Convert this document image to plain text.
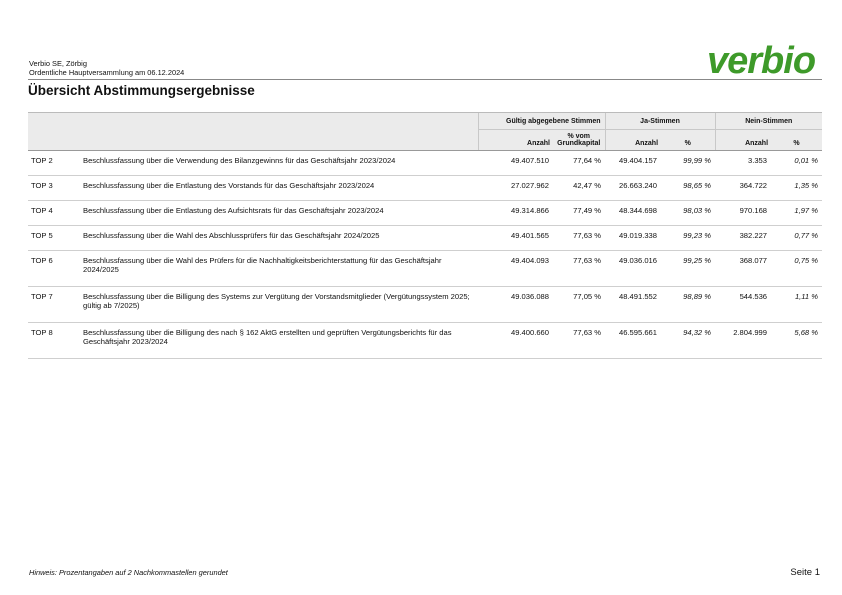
Verbio SE, Zörbig
Ordentliche Hauptversammlung am 06.12.2024	verbio
Übersicht Abstimmungsergebnisse
		Gültig abgegebene Stimmen		Ja-Stimmen		Nein-Stimmen	
		Anzahl	% vom
Grundkapital	Anzahl	%	Anzahl	%
TOP 2	Beschlussfassung über die Verwendung des Bilanzgewinns für das Geschäftsjahr 2023/2024	49.407.510	77,64 %	49.404.157	99,99 %	3.353	0,01 %
TOP 3	Beschlussfassung über die Entlastung des Vorstands für das Geschäftsjahr 2023/2024	27.027.962	42,47 %	26.663.240	98,65 %	364.722	1,35 %
TOP 4	Beschlussfassung über die Entlastung des Aufsichtsrats für das Geschäftsjahr 2023/2024	49.314.866	77,49 %	48.344.698	98,03 %	970.168	1,97 %
TOP 5	Beschlussfassung über die Wahl des Abschlussprüfers für das Geschäftsjahr 2024/2025	49.401.565	77,63 %	49.019.338	99,23 %	382.227	0,77 %
TOP 6	Beschlussfassung über die Wahl des Prüfers für die Nachhaltigkeitsberichterstattung für das Geschäftsjahr 2024/2025	49.404.093	77,63 %	49.036.016	99,25 %	368.077	0,75 %
TOP 7	Beschlussfassung über die Billigung des Systems zur Vergütung der Vorstandsmitglieder (Vergütungssystem 2025; gültig ab 7/2025)	49.036.088	77,05 %	48.491.552	98,89 %	544.536	1,11 %
TOP 8	Beschlussfassung über die Billigung des nach § 162 AktG erstellten und geprüften Vergütungsberichts für das Geschäftsjahr 2023/2024	49.400.660	77,63 %	46.595.661	94,32 %	2.804.999	5,68 %
Hinweis: Prozentangaben auf 2 Nachkommastellen gerundet	Seite 1
